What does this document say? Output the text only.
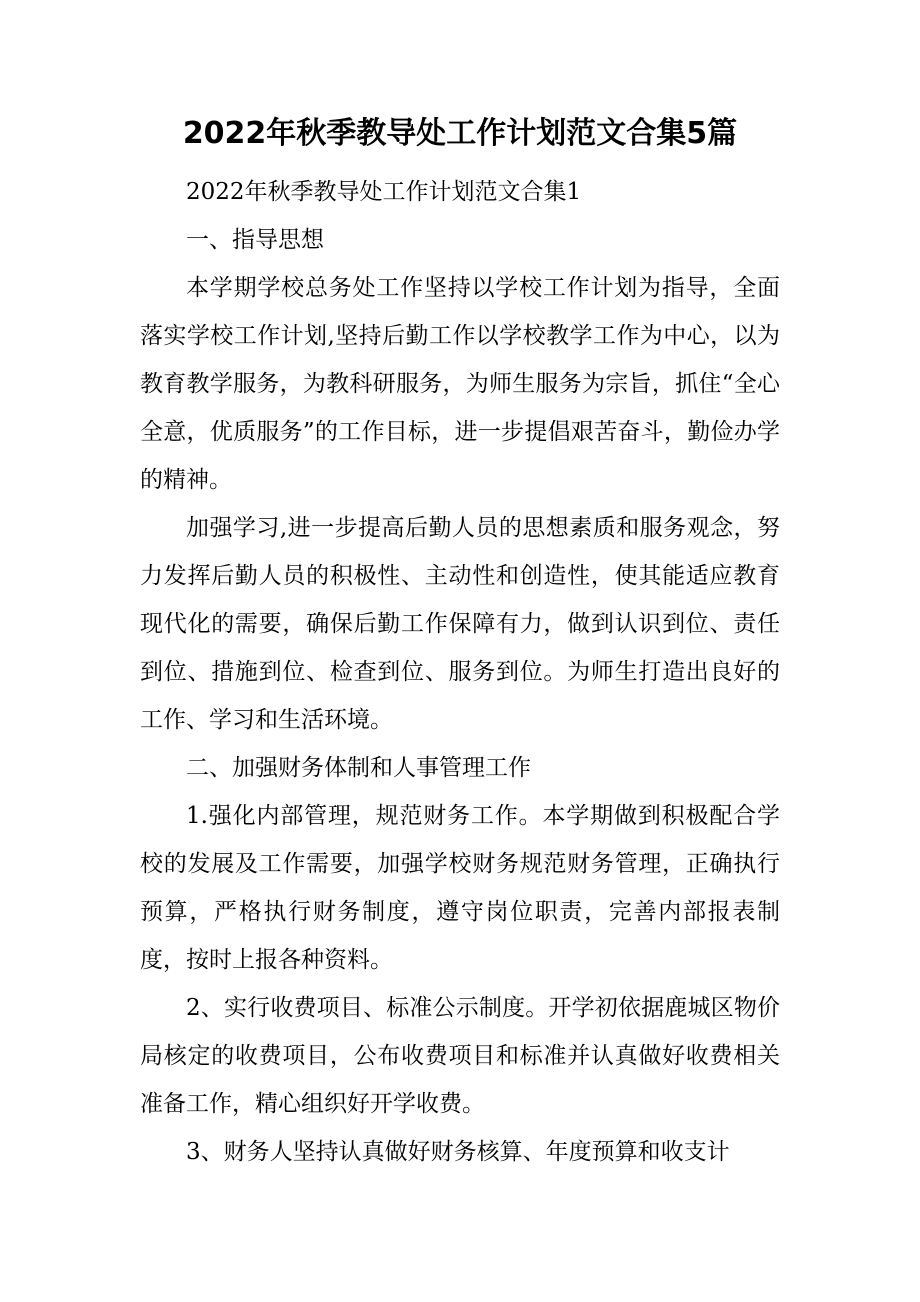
2022年秋季教导处工作计划范文合集5篇

2022年秋季教导处工作计划范文合集1

一、指导思想

本学期学校总务处工作坚持以学校工作计划为指导，全面落实学校工作计划,坚持后勤工作以学校教学工作为中心，以为教育教学服务，为教科研服务，为师生服务为宗旨，抓住“全心全意，优质服务”的工作目标，进一步提倡艰苦奋斗，勤俭办学的精神。

加强学习,进一步提高后勤人员的思想素质和服务观念，努力发挥后勤人员的积极性、主动性和创造性，使其能适应教育现代化的需要，确保后勤工作保障有力，做到认识到位、责任到位、措施到位、检查到位、服务到位。为师生打造出良好的工作、学习和生活环境。

二、加强财务体制和人事管理工作

1.强化内部管理，规范财务工作。本学期做到积极配合学校的发展及工作需要，加强学校财务规范财务管理，正确执行预算，严格执行财务制度，遵守岗位职责，完善内部报表制度，按时上报各种资料。

2、实行收费项目、标准公示制度。开学初依据鹿城区物价局核定的收费项目，公布收费项目和标准并认真做好收费相关准备工作，精心组织好开学收费。

3、财务人坚持认真做好财务核算、年度预算和收支计
